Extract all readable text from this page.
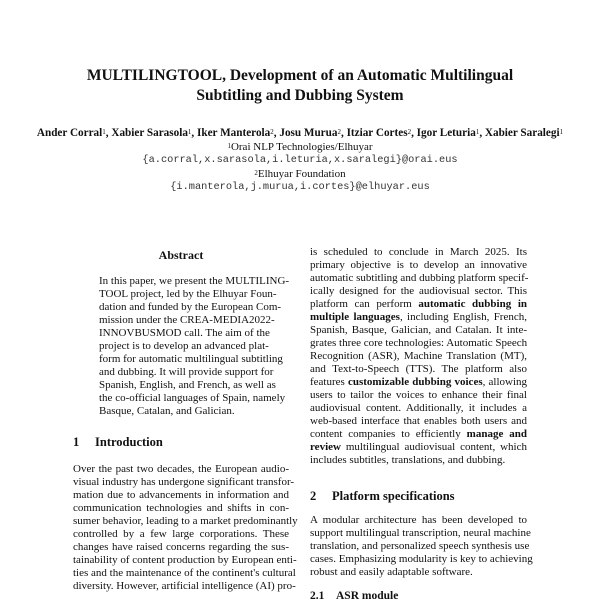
MULTILINGTOOL, Development of an Automatic Multilingual
Subtitling and Dubbing System
Ander Corral$^1$, Xabier Sarasola$^1$, Iker Manterola$^2$, Josu Murua$^2$, Itziar Cortes$^2$, Igor Leturia$^1$, Xabier Saralegi$^1$
$^1$Orai NLP Technologies/Elhuyar
{a.corral,x.sarasola,i.leturia,x.saralegi}@orai.eus
$^2$Elhuyar Foundation
{i.manterola,j.murua,i.cortes}@elhuyar.eus
Abstract
In this paper, we present the MULTILING-
TOOL project, led by the Elhuyar Foun-
dation and funded by the European Com-
mission under the CREA-MEDIA2022-
INNOVBUSMOD call. The aim of the
project is to develop an advanced plat-
form for automatic multilingual subtitling
and dubbing. It will provide support for
Spanish, English, and French, as well as
the co-official languages of Spain, namely
Basque, Catalan, and Galician.
1 Introduction
Over the past two decades, the European audio-
visual industry has undergone significant transfor-
mation due to advancements in information and
communication technologies and shifts in con-
sumer behavior, leading to a market predominantly
controlled by a few large corporations. These
changes have raised concerns regarding the sus-
tainability of content production by European enti-
ties and the maintenance of the continent's cultural
diversity. However, artificial intelligence (AI) pro-
is scheduled to conclude in March 2025. Its
primary objective is to develop an innovative
automatic subtitling and dubbing platform specif-
ically designed for the audiovisual sector. This
platform can perform automatic dubbing in
multiple languages, including English, French,
Spanish, Basque, Galician, and Catalan. It inte-
grates three core technologies: Automatic Speech
Recognition (ASR), Machine Translation (MT),
and Text-to-Speech (TTS). The platform also
features customizable dubbing voices, allowing
users to tailor the voices to enhance their final
audiovisual content. Additionally, it includes a
web-based interface that enables both users and
content companies to efficiently manage and
review multilingual audiovisual content, which
includes subtitles, translations, and dubbing.
2 Platform specifications
A modular architecture has been developed to
support multilingual transcription, neural machine
translation, and personalized speech synthesis use
cases. Emphasizing modularity is key to achieving
robust and easily adaptable software.
2.1 ASR module
